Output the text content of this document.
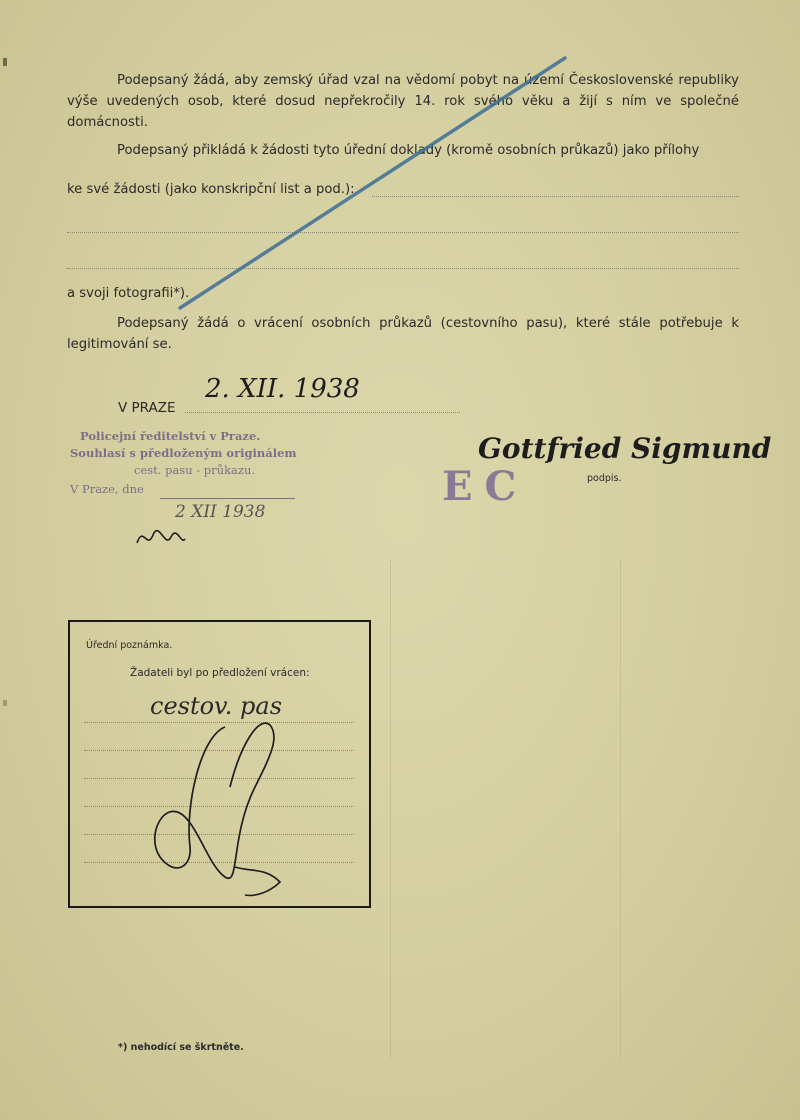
Podepsaný žádá, aby zemský úřad vzal na vědomí pobyt na území Československé republiky výše uvedených osob, které dosud nepřekročily 14. rok svého věku a žijí s ním ve společné domácnosti.
Podepsaný přikládá k žádosti tyto úřední doklady (kromě osobních průkazů) jako přílohy
ke své žádosti (jako konskripční list a pod.):
a svoji fotografii*).
Podepsaný žádá o vrácení osobních průkazů (cestovního pasu), které stále potřebuje k legitimování se.
V PRAZE
2. XII. 1938
Gottfried Sigmund
podpis.
Policejní ředitelství v Praze.
Souhlasí s předloženým originálem
cest. pasu - průkazu.
V Praze, dne
2 XII 1938
EC
Úřední poznámka.
Žadateli byl po předložení vrácen:
cestov. pas
*) nehodící se škrtněte.
